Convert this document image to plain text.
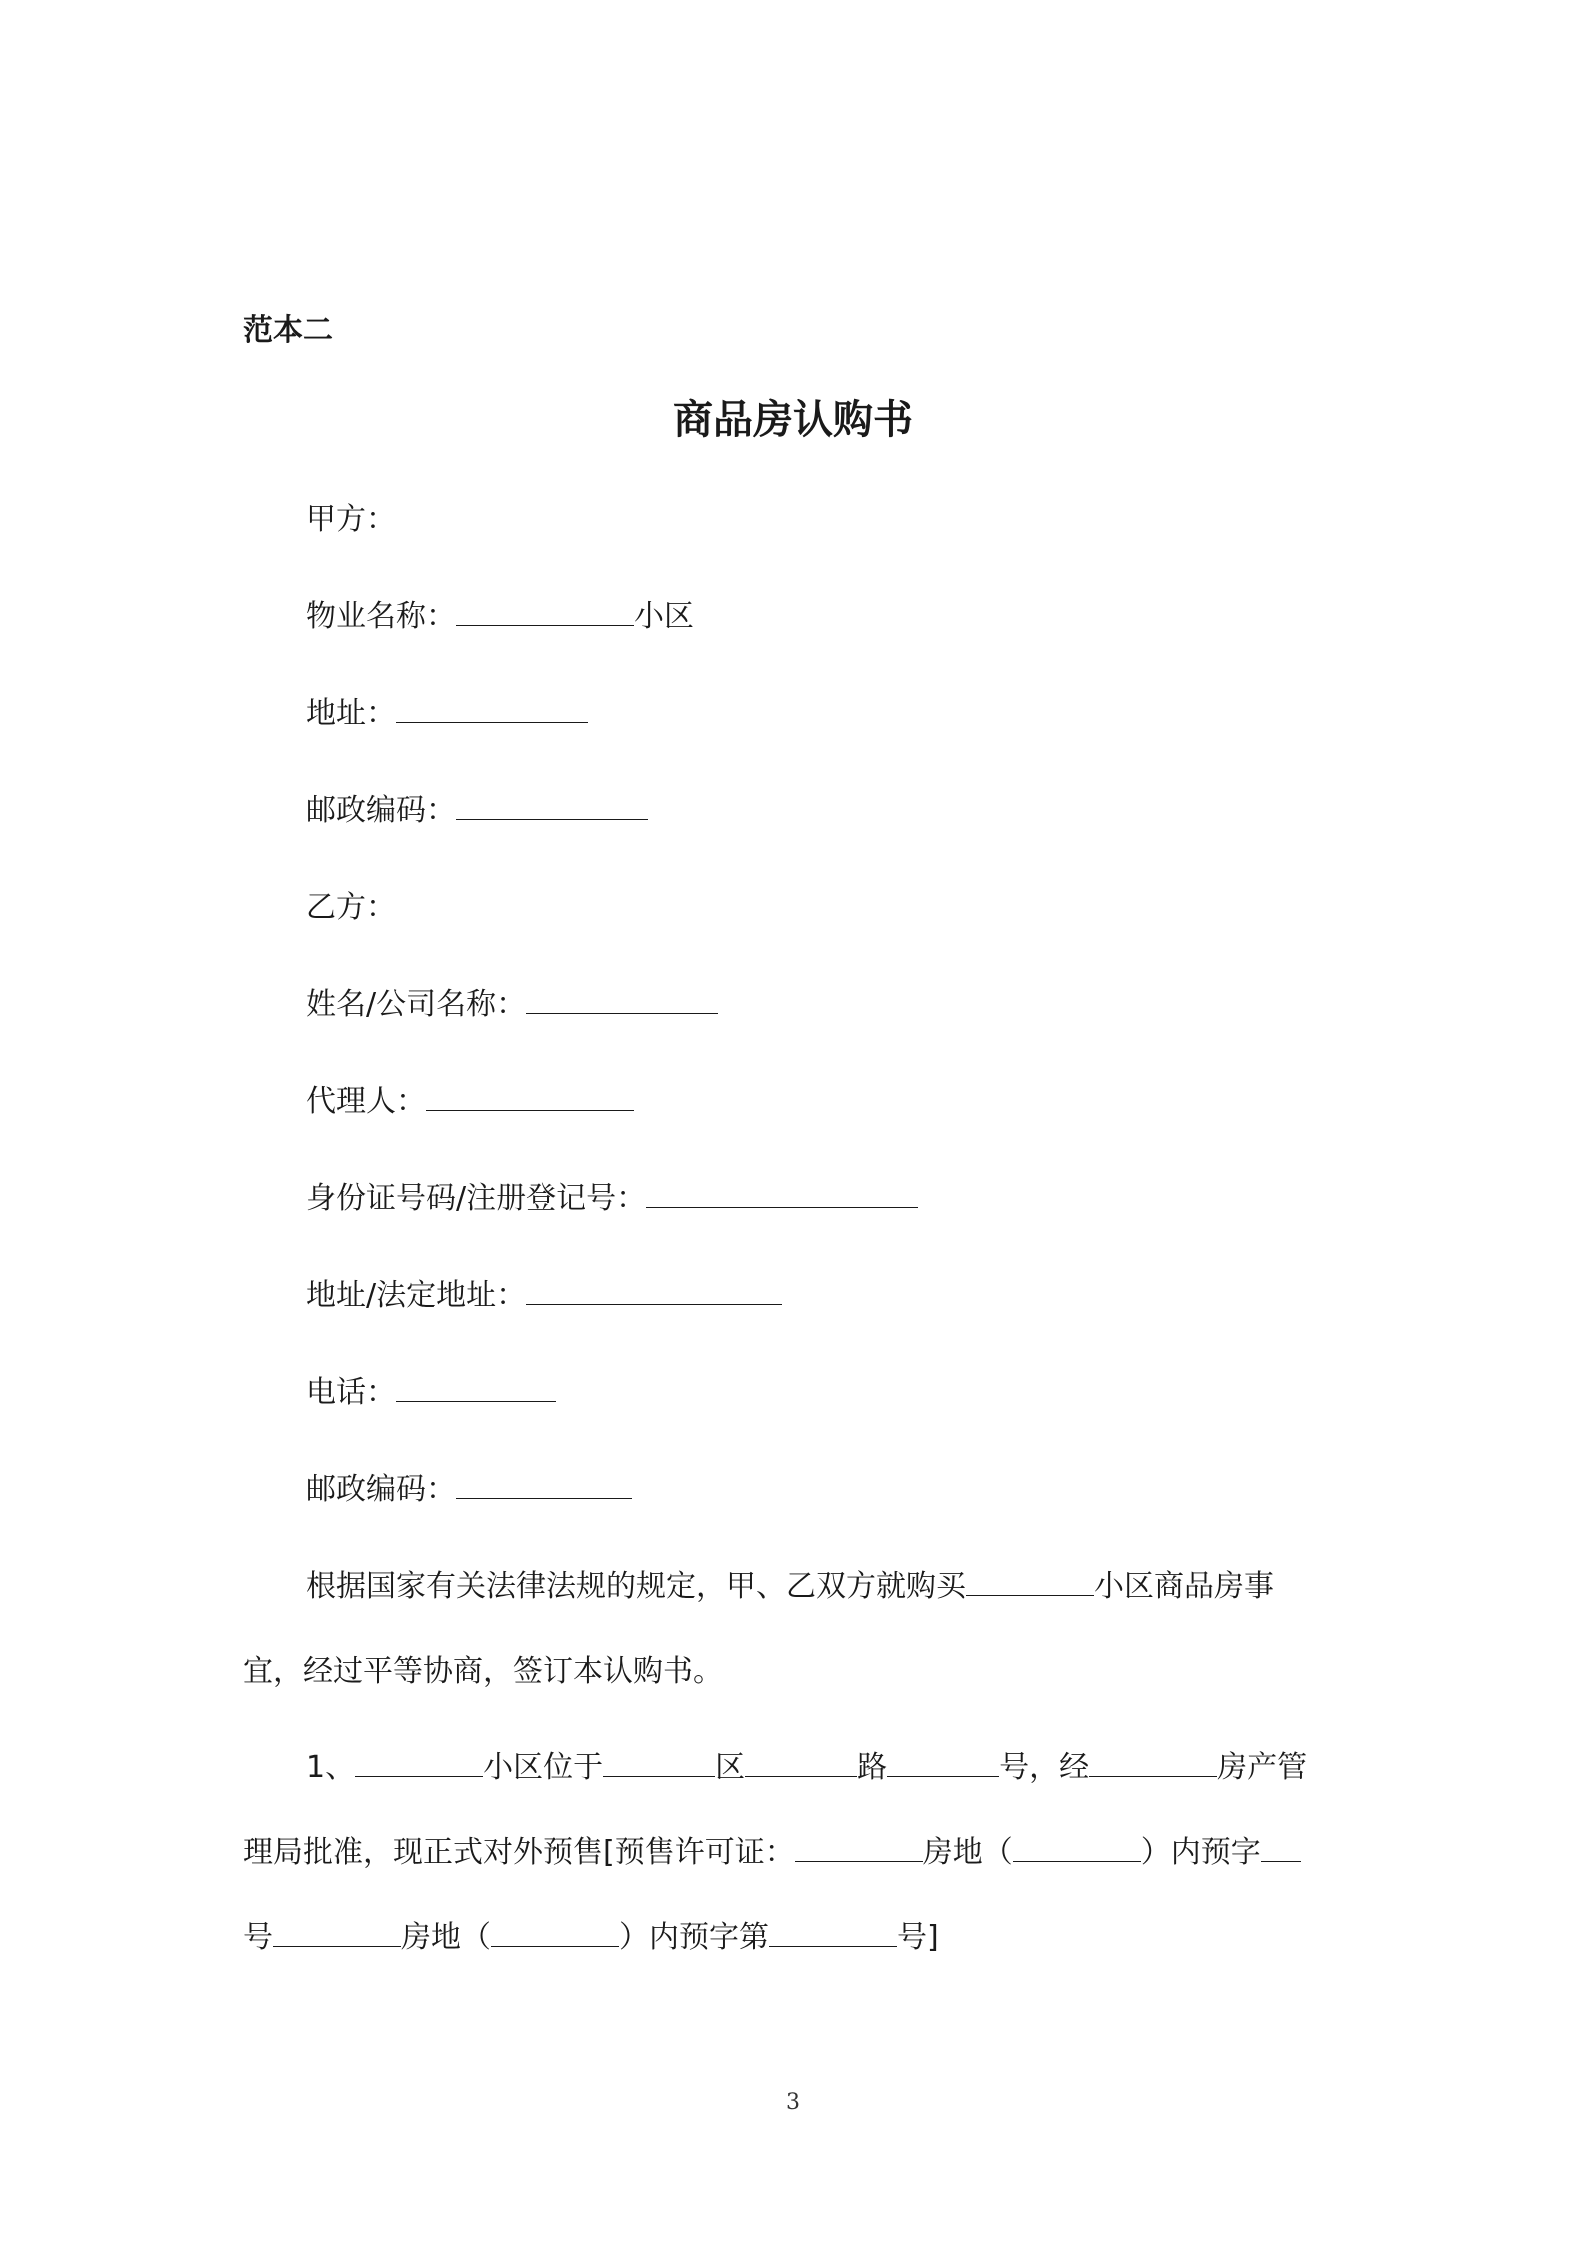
范本二
商品房认购书
甲方：
物业名称：	小区
地址：
邮政编码：
乙方：
姓名/公司名称：
代理人：
身份证号码/注册登记号：
地址/法定地址：
电话：
邮政编码：
根据国家有关法律法规的规定，甲、乙双方就购买	小区商品房事
宜，经过平等协商，签订本认购书。
1、	小区位于	区	路	号，经	房产管
理局批准，现正式对外预售[预售许可证：	房地（	）内预字
号	房地（	）内预字第	号]
3
